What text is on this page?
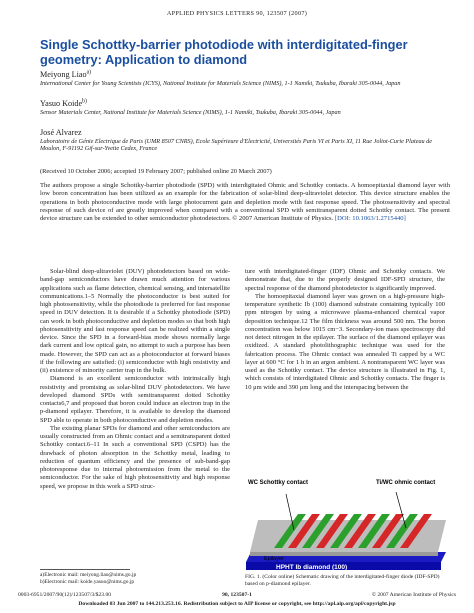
APPLIED PHYSICS LETTERS 90, 123507 (2007)
Single Schottky-barrier photodiode with interdigitated-finger geometry: Application to diamond
Meiyong Liao$^{a)}$
International Center for Young Scientists (ICYS), National Institute for Materials Science (NIMS), 1-1 Namiki, Tsukuba, Ibaraki 305-0044, Japan
Yasuo Koide$^{b)}$
Sensor Materials Center, National Institute for Materials Science (NIMS), 1-1 Namiki, Tsukuba, Ibaraki 305-0044, Japan
José Alvarez
Laboratoire de Génie Electrique de Paris (UMR 8507 CNRS), Ecole Supérieure d'Electricité, Universités Paris VI et Paris XI, 11 Rue Joliot-Curie Plateau de Moulon, F-91192 Gif-sur-Yvette Cedex, France
(Received 10 October 2006; accepted 19 February 2007; published online 20 March 2007)
The authors propose a single Schottky-barrier photodiode (SPD) with interdigitated Ohmic and Schottky contacts. A homoepitaxial diamond layer with low boron concentration has been utilized as an example for the fabrication of solar-blind deep-ultraviolet detector. This device structure enables the operations in both photoconductive mode with large photocurrent gain and depletion mode with fast response speed. The photosensitivity and spectral response of such device of are greatly improved when compared with a conventional SPD with semitransparent dotted Schottky contact. The present device structure can be extended to other semiconductor photodetectors. © 2007 American Institute of Physics. [DOI: 10.1063/1.2715440]

Solar-blind deep-ultraviolet (DUV) photodetectors based on wide-band-gap semiconductors have drawn much attention for various applications such as flame detection, chemical sensing, and intersatellite communications.1–5 Normally the photoconductor is best suited for high photosensitivity, while the photodiode is preferred for fast response speed in DUV detection. It is desirable if a Schottky photodiode (SPD) can work in both photoconductive and depletion modes so that both high photosensitivity and fast response speed can be realized within a single device. Since the SPD in a forward-bias mode shows normally large dark current and low optical gain, no attempt to such a purpose has been made. However, the SPD can act as a photoconductor at forward biases if the following are satisfied: (i) semiconductor with high resistivity and (ii) existence of minority carrier trap in the bulk.

Diamond is an excellent semiconductor with intrinsically high resistivity and promising as solar-blind DUV photodetectors. We have developed diamond SPDs with semitransparent dotted Schottky contacts6,7 and proposed that boron could induce an electron trap in the p-diamond epilayer. Therefore, it is available to develop the diamond SPD able to operate in both photoconductive and depletion modes.

The existing planar SPDs for diamond and other semiconductors are usually constructed from an Ohmic contact and a semitransparent dotted Schottky contact.6–11 In such a conventional SPD (CSPD) has the drawback of photon absorption in the Schottky metal, leading to reduction of quantum efficiency and the presence of sub-band-gap photoresponse due to internal photoemission from the metal to the semiconductor. For the sake of high photosensitivity and high response speed, we propose in this work a SPD struc-

ture with interdigitated-finger (IDF) Ohmic and Schottky contacts. We demonstrate that, due to the properly designed IDF-SPD structure, the spectral response of the diamond photodetector is significantly improved.

The homoepitaxial diamond layer was grown on a high-pressure high-temperature synthetic Ib (100) diamond substrate containing typically 100 ppm nitrogen by using a microwave plasma-enhanced chemical vapor deposition technique.12 The film thickness was around 500 nm. The boron concentration was below 1015 cm−3. Secondary-ion mass spectroscopy did not detect nitrogen in the epilayer. The surface of the diamond epilayer was oxidized. A standard photolithographic technique was used for the fabrication process. The Ohmic contact was annealed Ti capped by a WC layer at 600 °C for 1 h in an argon ambient. A nontransparent WC layer was used as the Schottky contact. The device structure is illustrated in Fig. 1, which consists of interdigitated Ohmic and Schottky contacts. The finger is 10 μm wide and 390 μm long and the interspacing between the

WC Schottky contact	Ti/WC ohmic contact
Epilayer
HPHT Ib diamond (100)
FIG. 1. (Color online) Schematic drawing of the interdigitated-finger diode (IDF-SPD) based on p-diamond epilayer.
a)Electronic mail: meiyong.liao@nims.go.jp
b)Electronic mail: koide.yasuo@nims.go.jp
0003-6951/2007/90(12)/123507/3/$23.00	90, 123507-1	© 2007 American Institute of Physics
Downloaded 03 Jun 2007 to 144.213.253.16. Redistribution subject to AIP license or copyright, see http://apl.aip.org/apl/copyright.jsp
